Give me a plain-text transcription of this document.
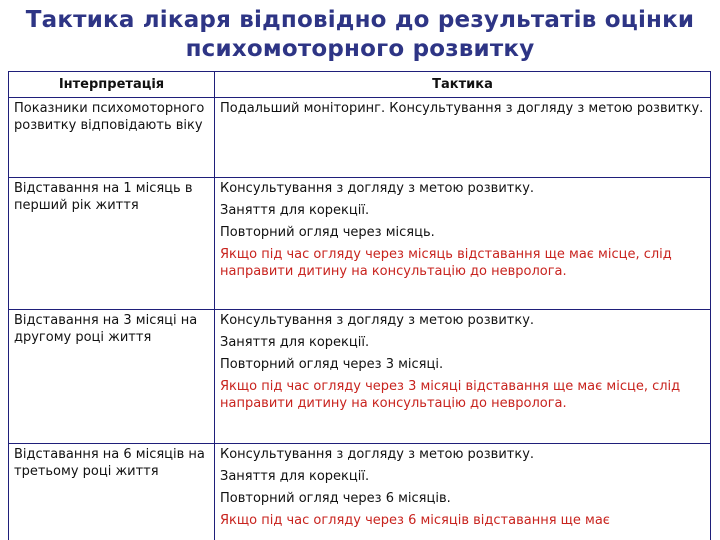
Тактика лікаря відповідно до результатів оцінки
психомоторного розвитку
Інтерпретація	Тактика
Показники психомоторного розвитку відповідають віку	Подальший моніторинг. Консультування з догляду з метою розвитку.

Відставання на 1 місяць в перший рік життя	Консультування з догляду з метою розвитку.

Заняття для корекції.

Повторний огляд через місяць.

Якщо під час огляду через місяць відставання ще має місце, слід направити дитину на консультацію до невролога.

Відставання на 3 місяці на другому році життя	Консультування з догляду з метою розвитку.

Заняття для корекції.

Повторний огляд через 3 місяці.

Якщо під час огляду через 3 місяці відставання ще має місце, слід направити дитину на консультацію до невролога.

Відставання на 6 місяців на третьому році життя	Консультування з догляду з метою розвитку.

Заняття для корекції.

Повторний огляд через 6 місяців.

Якщо під час огляду через 6 місяців відставання ще має
